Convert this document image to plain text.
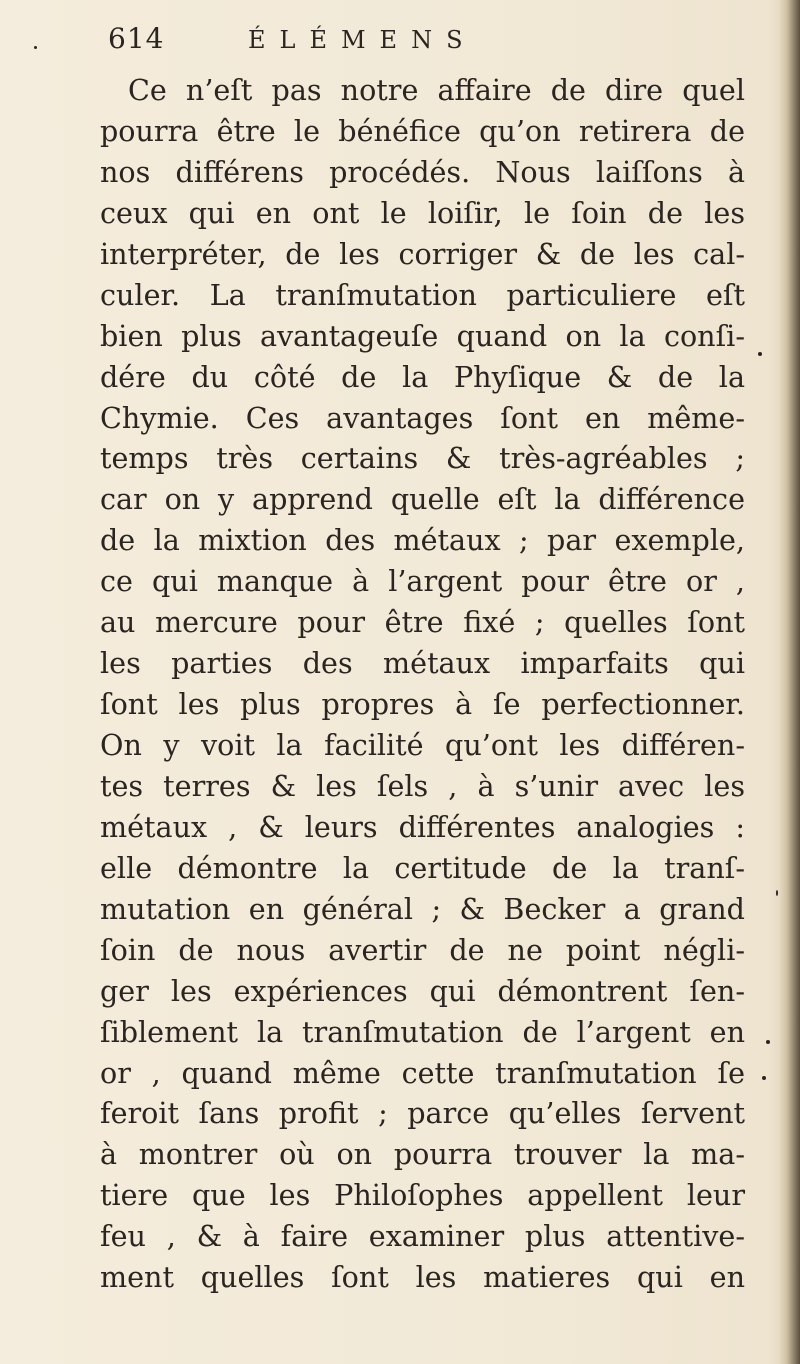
614	ÉLÉMENS
Ce n’eſt pas notre affaire de dire quel
pourra être le bénéfice qu’on retirera de
nos différens procédés. Nous laiſſons à
ceux qui en ont le loiſir, le ſoin de les
interpréter, de les corriger & de les cal-
culer. La tranſmutation particuliere eſt
bien plus avantageuſe quand on la conſi-
dére du côté de la Phyſique & de la
Chymie. Ces avantages ſont en même-
temps très certains & très-agréables ;
car on y apprend quelle eſt la différence
de la mixtion des métaux ; par exemple,
ce qui manque à l’argent pour être or ,
au mercure pour être fixé ; quelles ſont
les parties des métaux imparfaits qui
ſont les plus propres à ſe perfectionner.
On y voit la facilité qu’ont les différen-
tes terres & les ſels , à s’unir avec les
métaux , & leurs différentes analogies :
elle démontre la certitude de la tranſ-
mutation en général ; & Becker a grand
ſoin de nous avertir de ne point négli-
ger les expériences qui démontrent ſen-
ſiblement la tranſmutation de l’argent en
or , quand même cette tranſmutation ſe
feroit ſans profit ; parce qu’elles ſervent
à montrer où on pourra trouver la ma-
tiere que les Philoſophes appellent leur
feu , & à faire examiner plus attentive-
ment quelles ſont les matieres qui en
